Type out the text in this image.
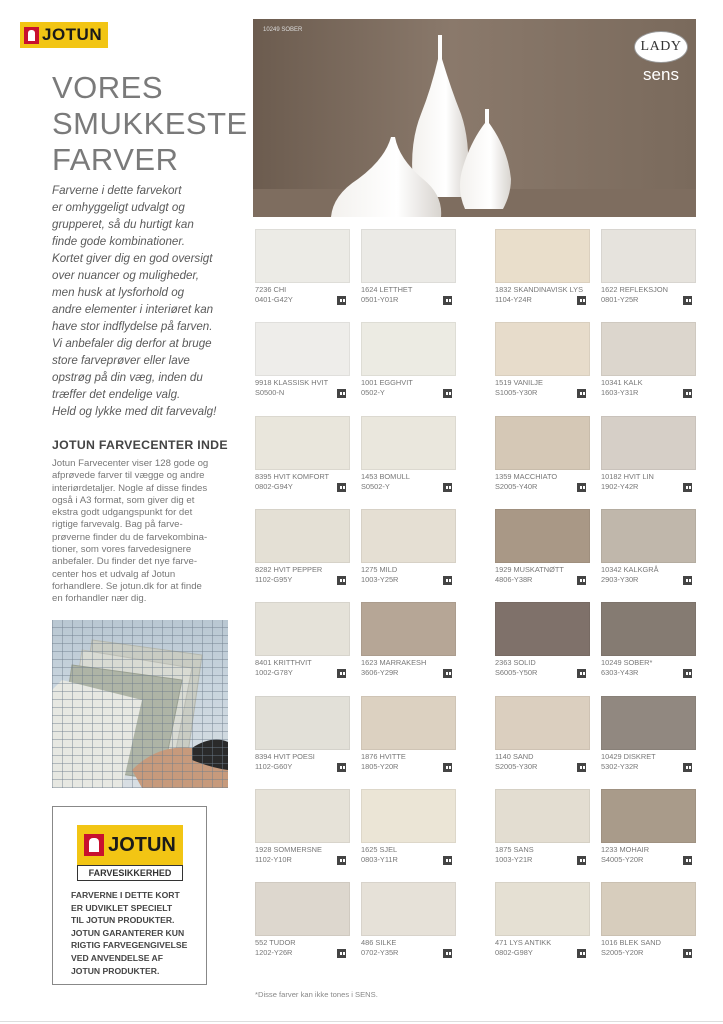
JOTUN
VORES
SMUKKESTE
FARVER
Farverne i dette farvekort
er omhyggeligt udvalgt og
grupperet, så du hurtigt kan
finde gode kombinationer.
Kortet giver dig en god oversigt
over nuancer og muligheder,
men husk at lysforhold og
andre elementer i interiøret kan
have stor indflydelse på farven.
Vi anbefaler dig derfor at bruge
store farveprøver eller lave
opstrøg på din væg, inden du
træffer det endelige valg.
Held og lykke med dit farvevalg!
JOTUN FARVECENTER INDE
Jotun Farvecenter viser 128 gode og
afprøvede farver til vægge og andre
interiørdetaljer. Nogle af disse findes
også i A3 format, som giver dig et
ekstra godt udgangspunkt for det
rigtige farvevalg. Bag på farve-
prøverne finder du de farvekombina-
tioner, som vores farvedesignere
anbefaler. Du finder det nye farve-
center hos et udvalg af Jotun
forhandlere. Se jotun.dk for at finde
en forhandler nær dig.
JOTUN
FARVESIKKERHED
FARVERNE I DETTE KORT
ER UDVIKLET SPECIELT
TIL JOTUN PRODUKTER.
JOTUN GARANTERER KUN
RIGTIG FARVEGENGIVELSE
VED ANVENDELSE AF
JOTUN PRODUKTER.
10249 SOBER
LADY
sens
7236 CHI
0401-G42Y
1624 LETTHET
0501-Y01R
1832 SKANDINAVISK LYS
1104-Y24R
1622 REFLEKSJON
0801-Y25R
9918 KLASSISK HVIT
S0500-N
1001 EGGHVIT
0502-Y
1519 VANILJE
S1005-Y30R
10341 KALK
1603-Y31R
8395 HVIT KOMFORT
0802-G94Y
1453 BOMULL
S0502-Y
1359 MACCHIATO
S2005-Y40R
10182 HVIT LIN
1902-Y42R
8282 HVIT PEPPER
1102-G95Y
1275 MILD
1003-Y25R
1929 MUSKATNØTT
4806-Y38R
10342 KALKGRÅ
2903-Y30R
8401 KRITTHVIT
1002-G78Y
1623 MARRAKESH
3606-Y29R
2363 SOLID
S6005-Y50R
10249 SOBER*
6303-Y43R
8394 HVIT POESI
1102-G60Y
1876 HVITTE
1805-Y20R
1140 SAND
S2005-Y30R
10429 DISKRET
5302-Y32R
1928 SOMMERSNE
1102-Y10R
1625 SJEL
0803-Y11R
1875 SANS
1003-Y21R
1233 MOHAIR
S4005-Y20R
552 TUDOR
1202-Y26R
486 SILKE
0702-Y35R
471 LYS ANTIKK
0802-G98Y
1016 BLEK SAND
S2005-Y20R
*Disse farver kan ikke tones i SENS.
